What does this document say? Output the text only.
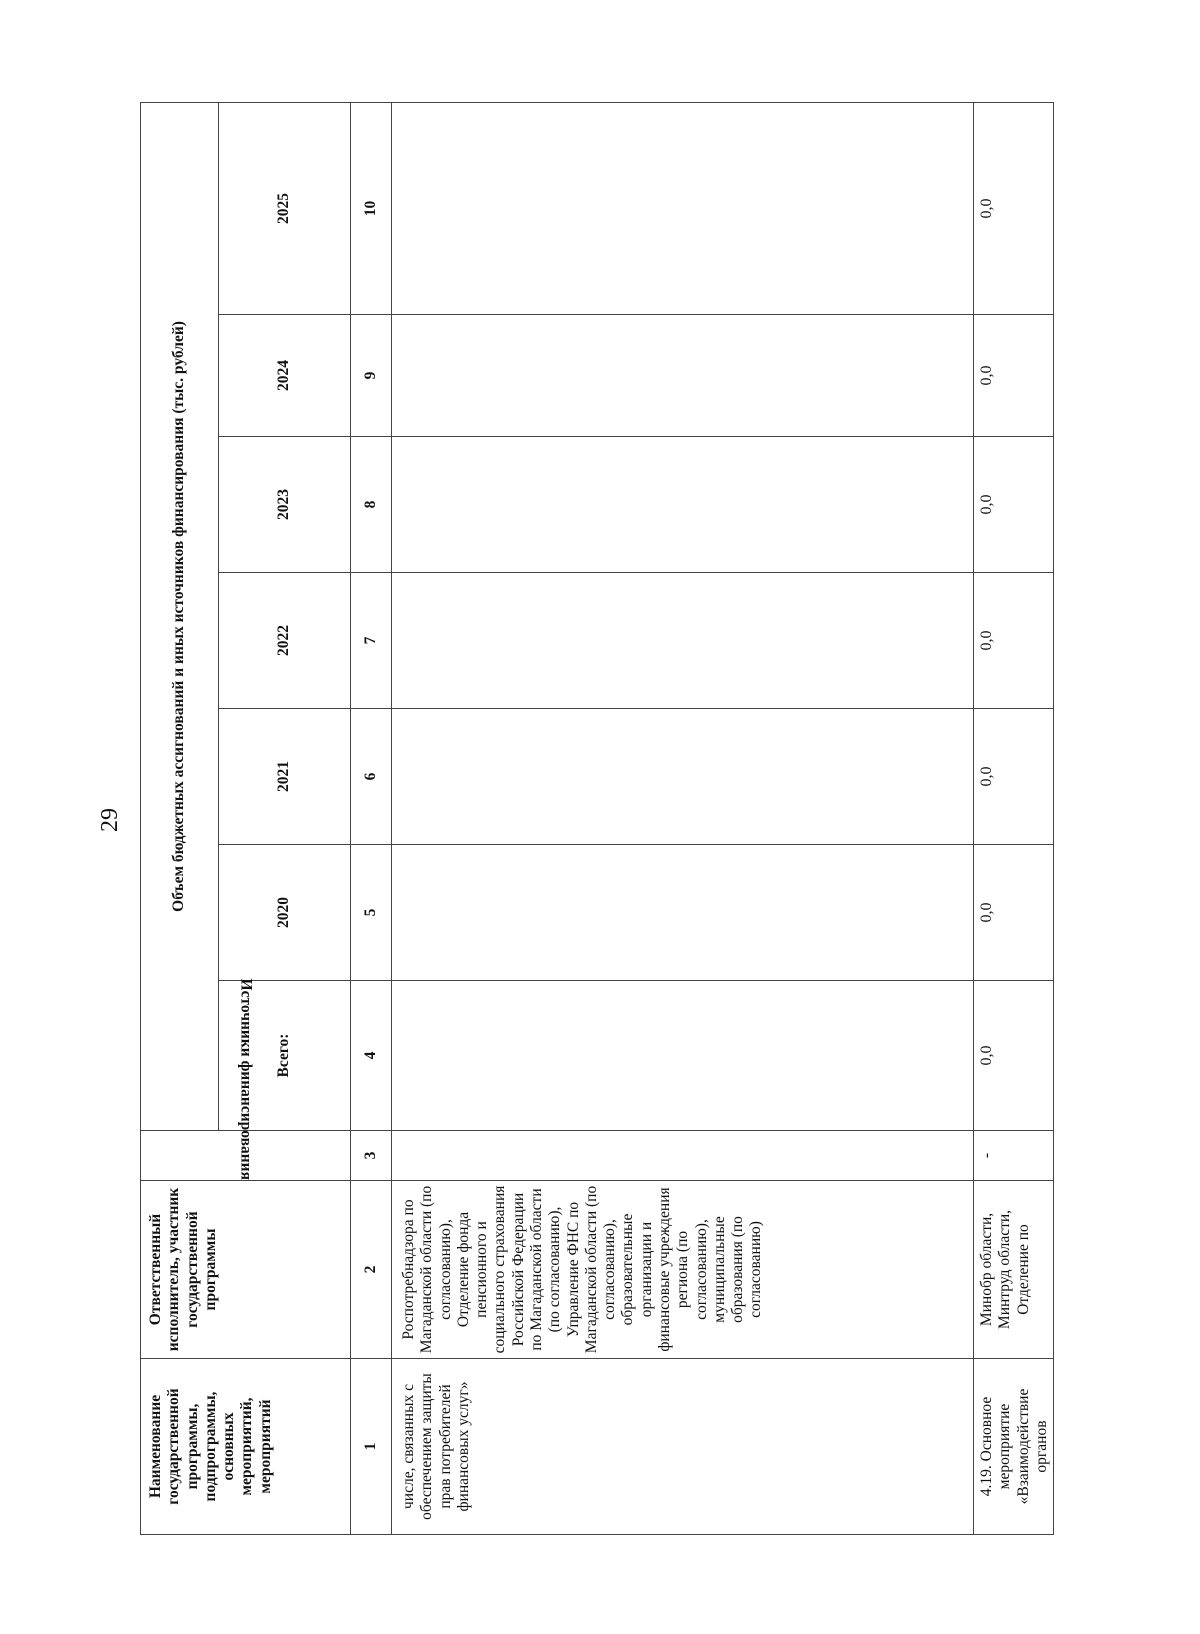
29
Наименование государственной программы, подпрограммы, основных мероприятий, мероприятий	Ответственный исполнитель, участник государственной программы	Источники финансирования	Объем бюджетных ассигнований и иных источников финансирования (тыс. рублей)						
			Всего:	2020	2021	2022	2023	2024	2025
1	2	3	4	5	6	7	8	9	10
числе, связанных с обеспечением защиты прав потребителей финансовых услуг»	Роспотребнадзора по Магаданской области (по согласованию), Отделение фонда пенсионного и социального страхования Российской Федерации по Магаданской области (по согласованию), Управление ФНС по Магаданской области (по согласованию), образовательные организации и финансовые учреждения региона (по согласованию), муниципальные образования (по согласованию)								
4.19. Основное мероприятие «Взаимодействие органов	Минобр области, Минтруд области, Отделение по	-	0,0	0,0	0,0	0,0	0,0	0,0	0,0
